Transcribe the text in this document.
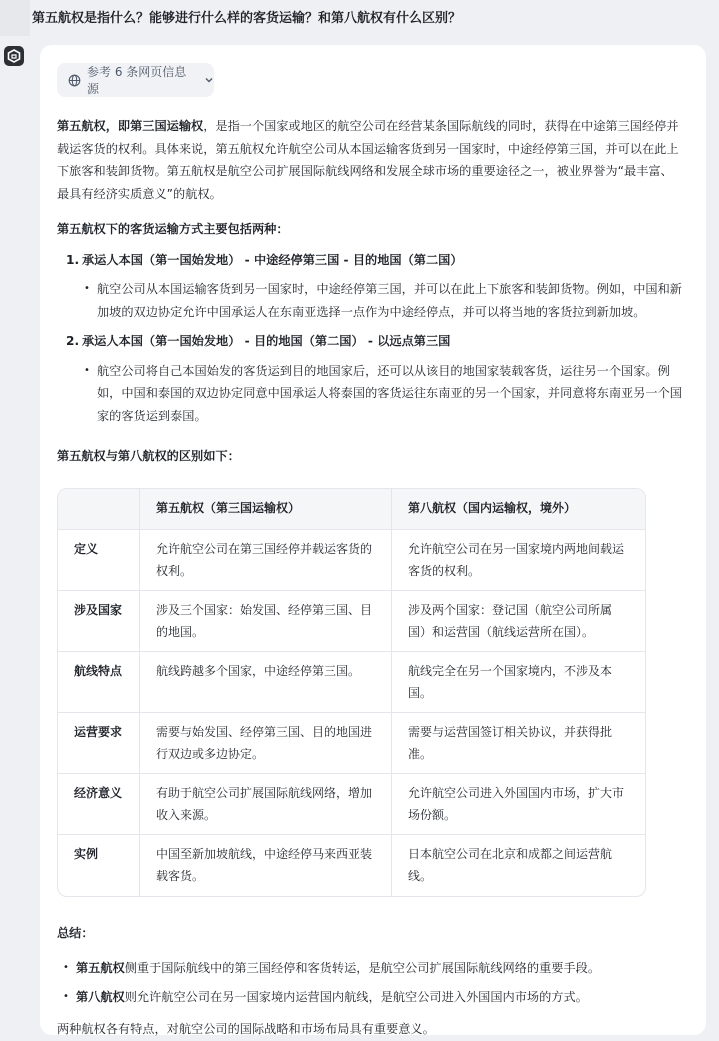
第五航权是指什么？能够进行什么样的客货运输？和第八航权有什么区别？
参考 6 条网页信息源

第五航权，即第三国运输权，是指一个国家或地区的航空公司在经营某条国际航线的同时，获得在中途第三国经停并载运客货的权利。具体来说，第五航权允许航空公司从本国运输客货到另一国家时，中途经停第三国，并可以在此上下旅客和装卸货物。第五航权是航空公司扩展国际航线网络和发展全球市场的重要途径之一，被业界誉为“最丰富、最具有经济实质意义”的航权。

第五航权下的客货运输方式主要包括两种：

1. 承运人本国（第一国始发地） - 中途经停第三国 - 目的地国（第二国）
• 航空公司从本国运输客货到另一国家时，中途经停第三国，并可以在此上下旅客和装卸货物。例如，中国和新加坡的双边协定允许中国承运人在东南亚选择一点作为中途经停点，并可以将当地的客货拉到新加坡。
2. 承运人本国（第一国始发地） - 目的地国（第二国） - 以远点第三国
• 航空公司将自己本国始发的客货运到目的地国家后，还可以从该目的地国家装载客货，运往另一个国家。例如，中国和泰国的双边协定同意中国承运人将泰国的客货运往东南亚的另一个国家，并同意将东南亚另一个国家的客货运到泰国。

第五航权与第八航权的区别如下：

	第五航权（第三国运输权）	第八航权（国内运输权，境外）
定义	允许航空公司在第三国经停并载运客货的权利。	允许航空公司在另一国家境内两地间载运客货的权利。
涉及国家	涉及三个国家：始发国、经停第三国、目的地国。	涉及两个国家：登记国（航空公司所属国）和运营国（航线运营所在国）。
航线特点	航线跨越多个国家，中途经停第三国。	航线完全在另一个国家境内，不涉及本国。
运营要求	需要与始发国、经停第三国、目的地国进行双边或多边协定。	需要与运营国签订相关协议，并获得批准。
经济意义	有助于航空公司扩展国际航线网络，增加收入来源。	允许航空公司进入外国国内市场，扩大市场份额。
实例	中国至新加坡航线，中途经停马来西亚装载客货。	日本航空公司在北京和成都之间运营航线。

总结：

• 第五航权侧重于国际航线中的第三国经停和客货转运，是航空公司扩展国际航线网络的重要手段。
• 第八航权则允许航空公司在另一国家境内运营国内航线，是航空公司进入外国国内市场的方式。

两种航权各有特点，对航空公司的国际战略和市场布局具有重要意义。
